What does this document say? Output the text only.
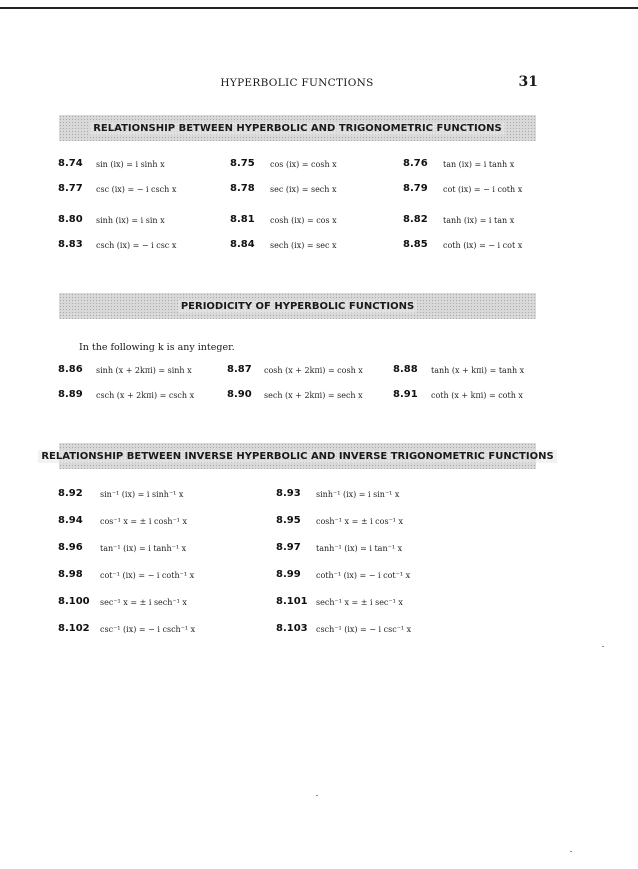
HYPERBOLIC FUNCTIONS	31
RELATIONSHIP BETWEEN HYPERBOLIC AND TRIGONOMETRIC FUNCTIONS
PERIODICITY OF HYPERBOLIC FUNCTIONS
In the following k is any integer.
RELATIONSHIP BETWEEN INVERSE HYPERBOLIC AND INVERSE TRIGONOMETRIC FUNCTIONS
8.74 sin (ix) = i sinh x	8.75 cos (ix) = cosh x	8.76 tan (ix) = i tanh x
8.77 csc (ix) = − i csch x	8.78 sec (ix) = sech x	8.79 cot (ix) = − i coth x
8.80 sinh (ix) = i sin x	8.81 cosh (ix) = cos x	8.82 tanh (ix) = i tan x
8.83 csch (ix) = − i csc x	8.84 sech (ix) = sec x	8.85 coth (ix) = − i cot x
8.86 sinh (x + 2kπi) = sinh x	8.87 cosh (x + 2kπi) = cosh x	8.88 tanh (x + kπi) = tanh x
8.89 csch (x + 2kπi) = csch x	8.90 sech (x + 2kπi) = sech x	8.91 coth (x + kπi) = coth x
8.92 sin⁻¹ (ix) = i sinh⁻¹ x	8.93 sinh⁻¹ (ix) = i sin⁻¹ x
8.94 cos⁻¹ x = ± i cosh⁻¹ x	8.95 cosh⁻¹ x = ± i cos⁻¹ x
8.96 tan⁻¹ (ix) = i tanh⁻¹ x	8.97 tanh⁻¹ (ix) = i tan⁻¹ x
8.98 cot⁻¹ (ix) = − i coth⁻¹ x	8.99 coth⁻¹ (ix) = − i cot⁻¹ x
8.100 sec⁻¹ x = ± i sech⁻¹ x	8.101 sech⁻¹ x = ± i sec⁻¹ x
8.102 csc⁻¹ (ix) = − i csch⁻¹ x	8.103 csch⁻¹ (ix) = − i csc⁻¹ x
